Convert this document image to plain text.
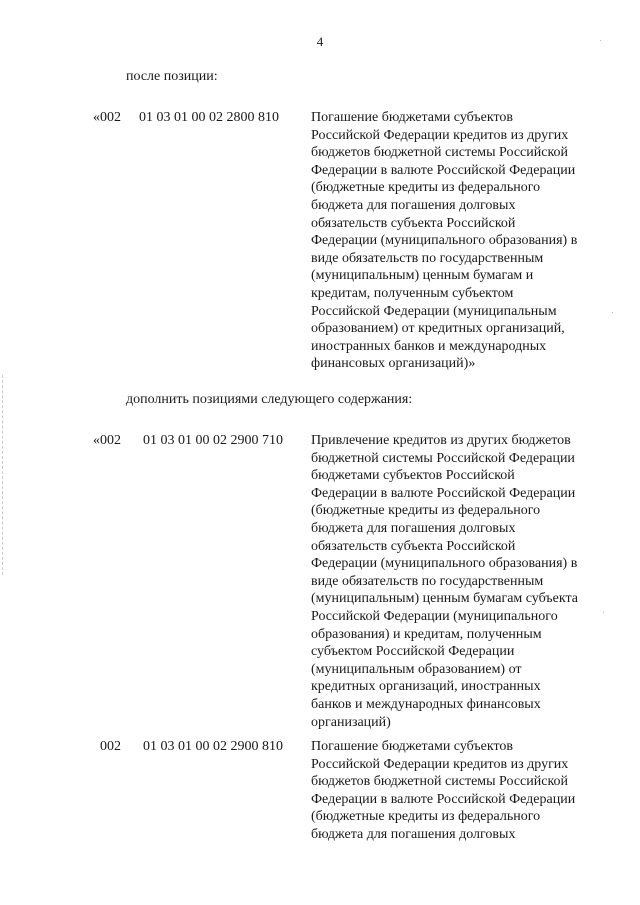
4
после позиции:
«002 01 03 01 00 02 2800 810 Погашение бюджетами субъектов
Российской Федерации кредитов из других
бюджетов бюджетной системы Российской
Федерации в валюте Российской Федерации
(бюджетные кредиты из федерального
бюджета для погашения долговых
обязательств субъекта Российской
Федерации (муниципального образования) в
виде обязательств по государственным
(муниципальным) ценным бумагам и
кредитам, полученным субъектом
Российской Федерации (муниципальным
образованием) от кредитных организаций,
иностранных банков и международных
финансовых организаций)»
дополнить позициями следующего содержания:
«002 01 03 01 00 02 2900 710 Привлечение кредитов из других бюджетов
бюджетной системы Российской Федерации
бюджетами субъектов Российской
Федерации в валюте Российской Федерации
(бюджетные кредиты из федерального
бюджета для погашения долговых
обязательств субъекта Российской
Федерации (муниципального образования) в
виде обязательств по государственным
(муниципальным) ценным бумагам субъекта
Российской Федерации (муниципального
образования) и кредитам, полученным
субъектом Российской Федерации
(муниципальным образованием) от
кредитных организаций, иностранных
банков и международных финансовых
организаций)
002 01 03 01 00 02 2900 810 Погашение бюджетами субъектов
Российской Федерации кредитов из других
бюджетов бюджетной системы Российской
Федерации в валюте Российской Федерации
(бюджетные кредиты из федерального
бюджета для погашения долговых
